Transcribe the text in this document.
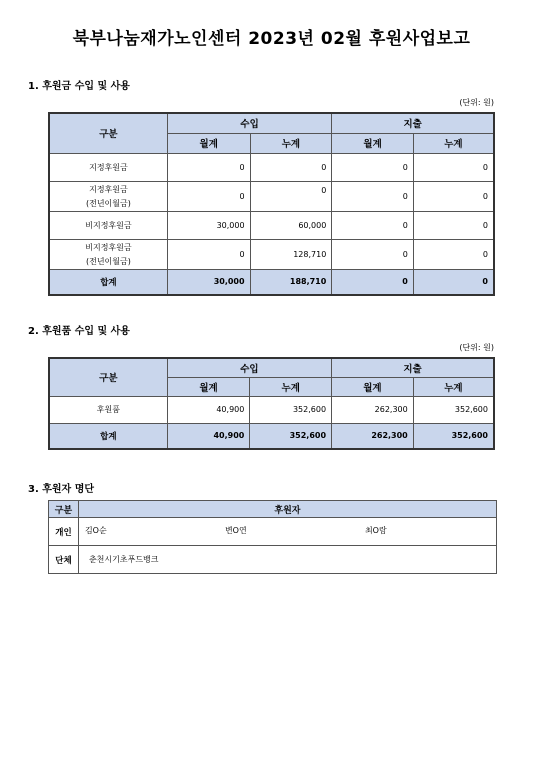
북부나눔재가노인센터 2023년 02월 후원사업보고
1. 후원금 수입 및 사용
(단위: 원)
구분	수입		지출	
	월계	누계	월계	누계
지정후원금	0	0	0	0

지정후원금
(전년이월금)	0	0	0	0
비지정후원금	30,000	60,000	0	0

비지정후원금
(전년이월금)	0	128,710	0	0
합계	30,000	188,710	0	0
2. 후원품 수입 및 사용
(단위: 원)
구분	수입		지출	
	월계	누계	월계	누계
후원품	40,900	352,600	262,300	352,600
합계	40,900	352,600	262,300	352,600
3. 후원자 명단
구분	후원자
개인	김O순 변O연 최O람

단체	춘천시기초푸드뱅크
